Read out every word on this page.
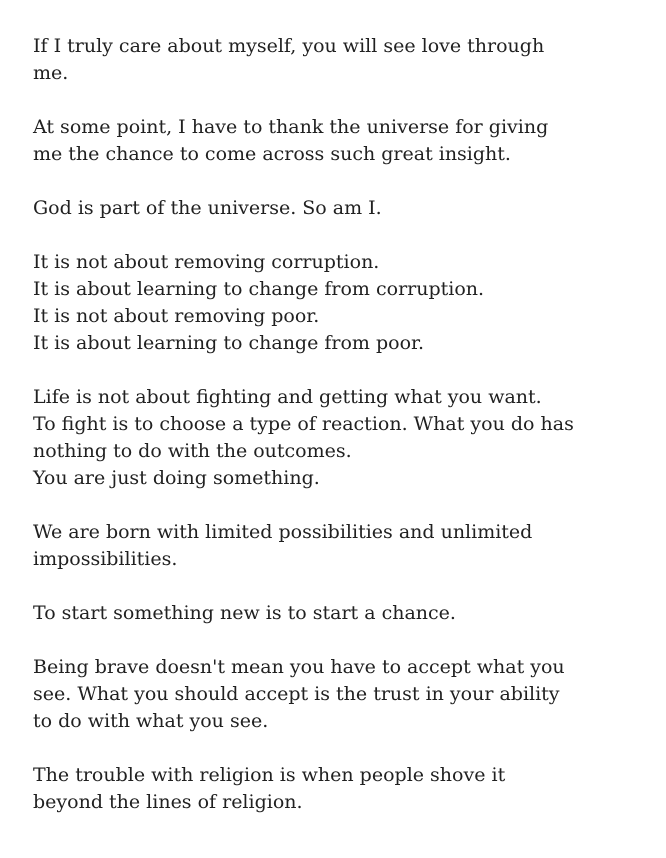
If I truly care about myself, you will see love through
me.

At some point, I have to thank the universe for giving
me the chance to come across such great insight.

God is part of the universe. So am I.

It is not about removing corruption.
It is about learning to change from corruption.
It is not about removing poor.
It is about learning to change from poor.

Life is not about fighting and getting what you want.
To fight is to choose a type of reaction. What you do has
nothing to do with the outcomes.
You are just doing something.

We are born with limited possibilities and unlimited
impossibilities.

To start something new is to start a chance.

Being brave doesn't mean you have to accept what you
see. What you should accept is the trust in your ability
to do with what you see.

The trouble with religion is when people shove it
beyond the lines of religion.
